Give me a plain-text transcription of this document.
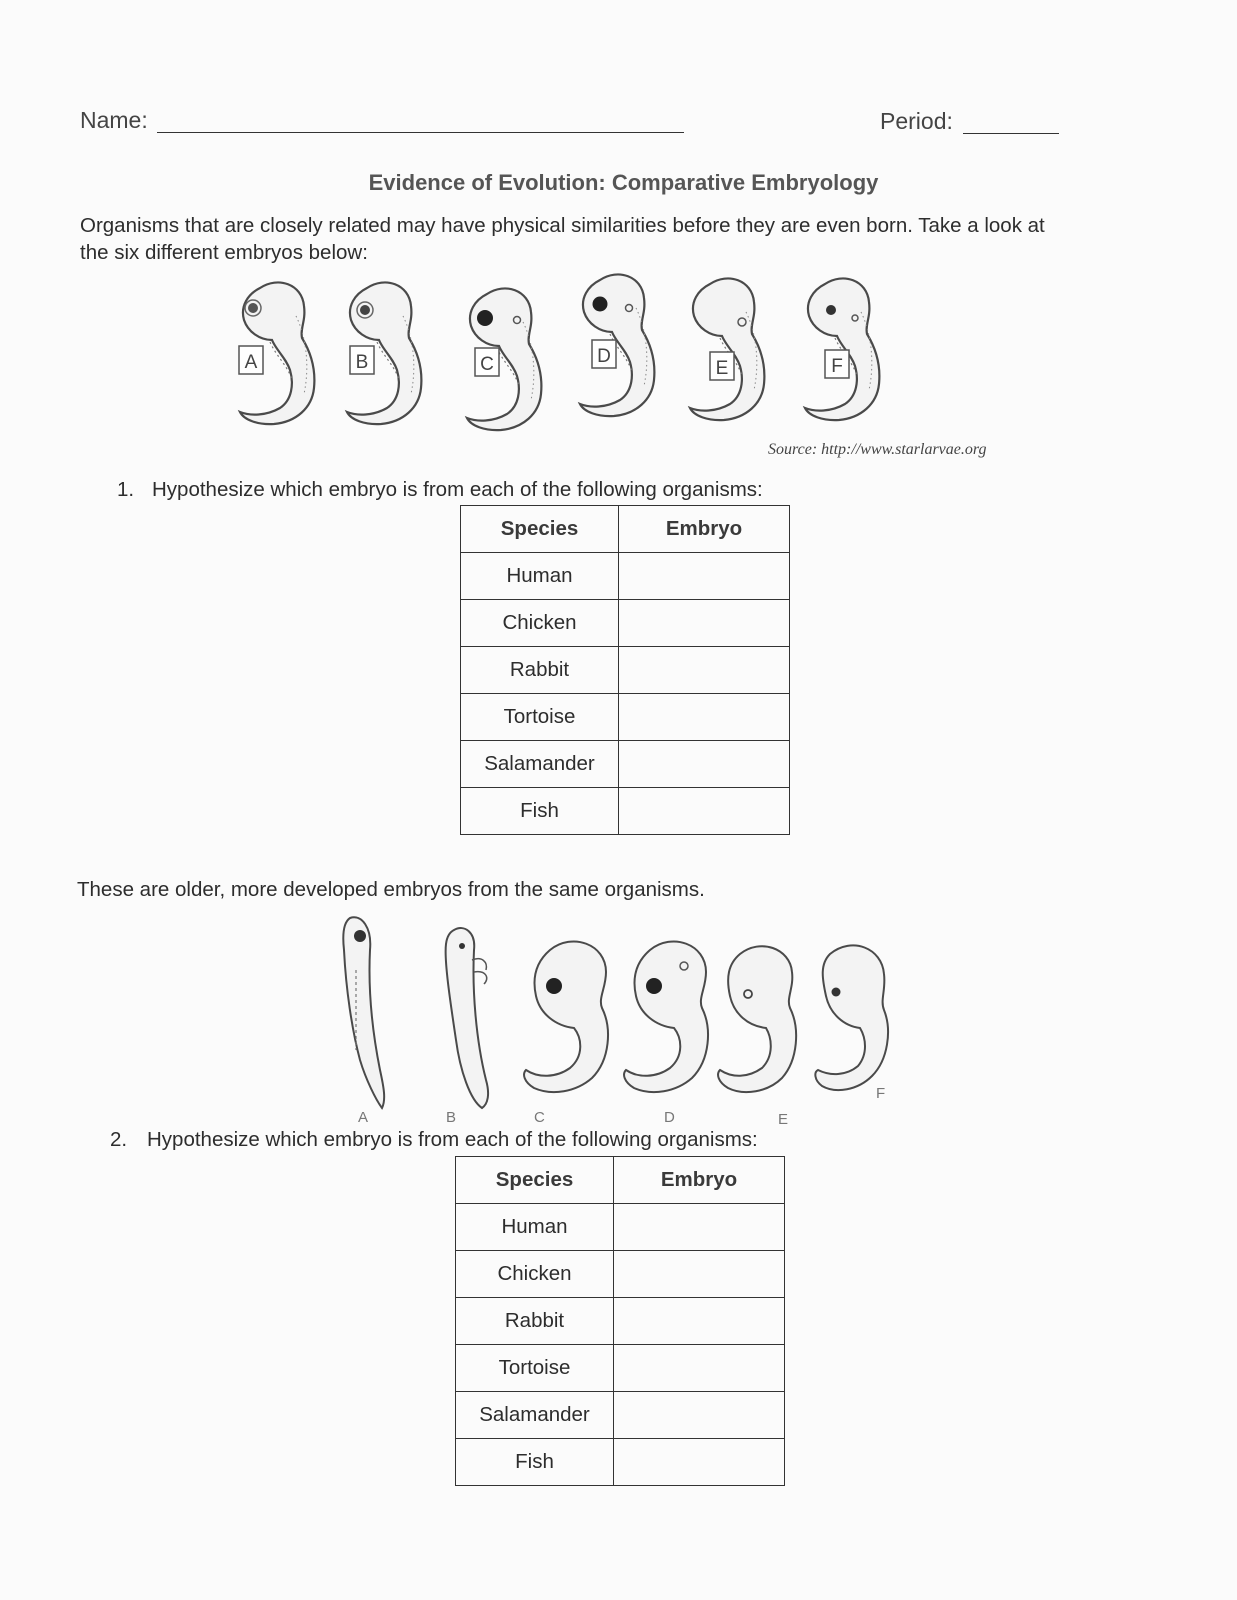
Name:	Period:
Evidence of Evolution: Comparative Embryology
Organisms that are closely related may have physical similarities before they are even born. Take a look at
the six different embryos below:
A	B	C	D
E	F
Source: http://www.starlarvae.org
1. Hypothesize which embryo is from each of the following organisms:
Species	Embryo
Human	
Chicken	
Rabbit	
Tortoise	
Salamander	
Fish	
These are older, more developed embryos from the same organisms.
A	B	C	D	E
F
2. Hypothesize which embryo is from each of the following organisms:
Species	Embryo
Human	
Chicken	
Rabbit	
Tortoise	
Salamander	
Fish	
